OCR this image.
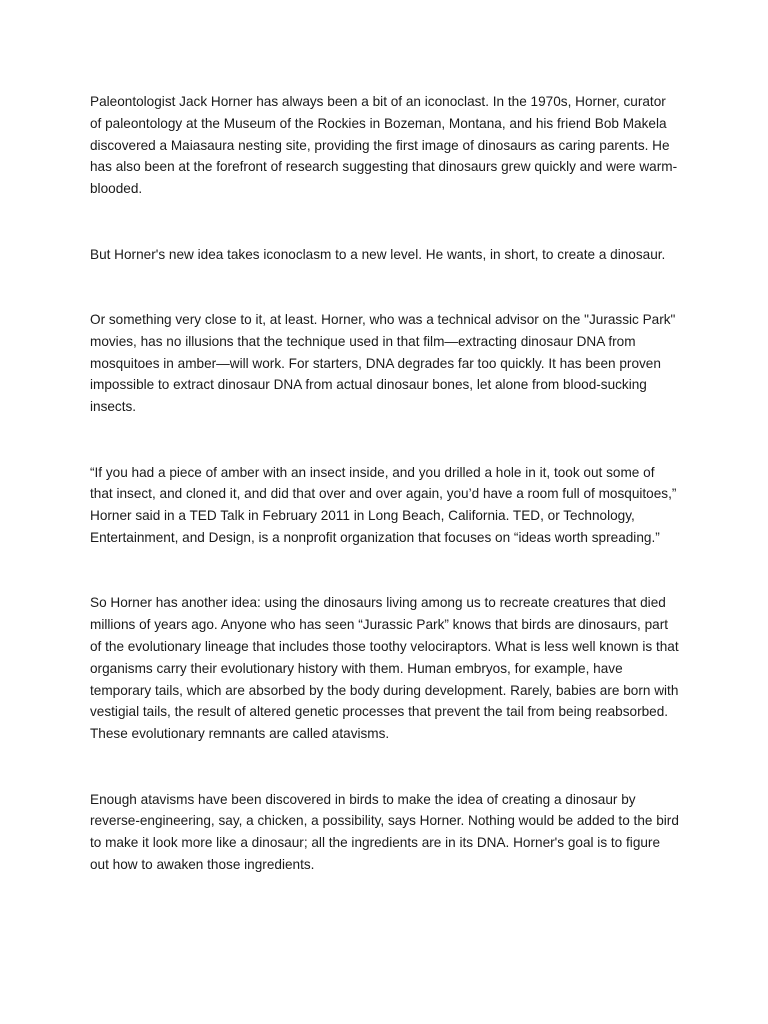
Paleontologist Jack Horner has always been a bit of an iconoclast. In the 1970s, Horner, curator of paleontology at the Museum of the Rockies in Bozeman, Montana, and his friend Bob Makela discovered a Maiasaura nesting site, providing the first image of dinosaurs as caring parents. He has also been at the forefront of research suggesting that dinosaurs grew quickly and were warm-blooded.

But Horner's new idea takes iconoclasm to a new level. He wants, in short, to create a dinosaur.

Or something very close to it, at least. Horner, who was a technical advisor on the "Jurassic Park" movies, has no illusions that the technique used in that film—extracting dinosaur DNA from mosquitoes in amber—will work. For starters, DNA degrades far too quickly. It has been proven impossible to extract dinosaur DNA from actual dinosaur bones, let alone from blood-sucking insects.

“If you had a piece of amber with an insect inside, and you drilled a hole in it, took out some of that insect, and cloned it, and did that over and over again, you’d have a room full of mosquitoes,” Horner said in a TED Talk in February 2011 in Long Beach, California. TED, or Technology, Entertainment, and Design, is a nonprofit organization that focuses on “ideas worth spreading.”

So Horner has another idea: using the dinosaurs living among us to recreate creatures that died millions of years ago. Anyone who has seen “Jurassic Park” knows that birds are dinosaurs, part of the evolutionary lineage that includes those toothy velociraptors. What is less well known is that organisms carry their evolutionary history with them. Human embryos, for example, have temporary tails, which are absorbed by the body during development. Rarely, babies are born with vestigial tails, the result of altered genetic processes that prevent the tail from being reabsorbed. These evolutionary remnants are called atavisms.

Enough atavisms have been discovered in birds to make the idea of creating a dinosaur by reverse-engineering, say, a chicken, a possibility, says Horner. Nothing would be added to the bird to make it look more like a dinosaur; all the ingredients are in its DNA. Horner's goal is to figure out how to awaken those ingredients.
